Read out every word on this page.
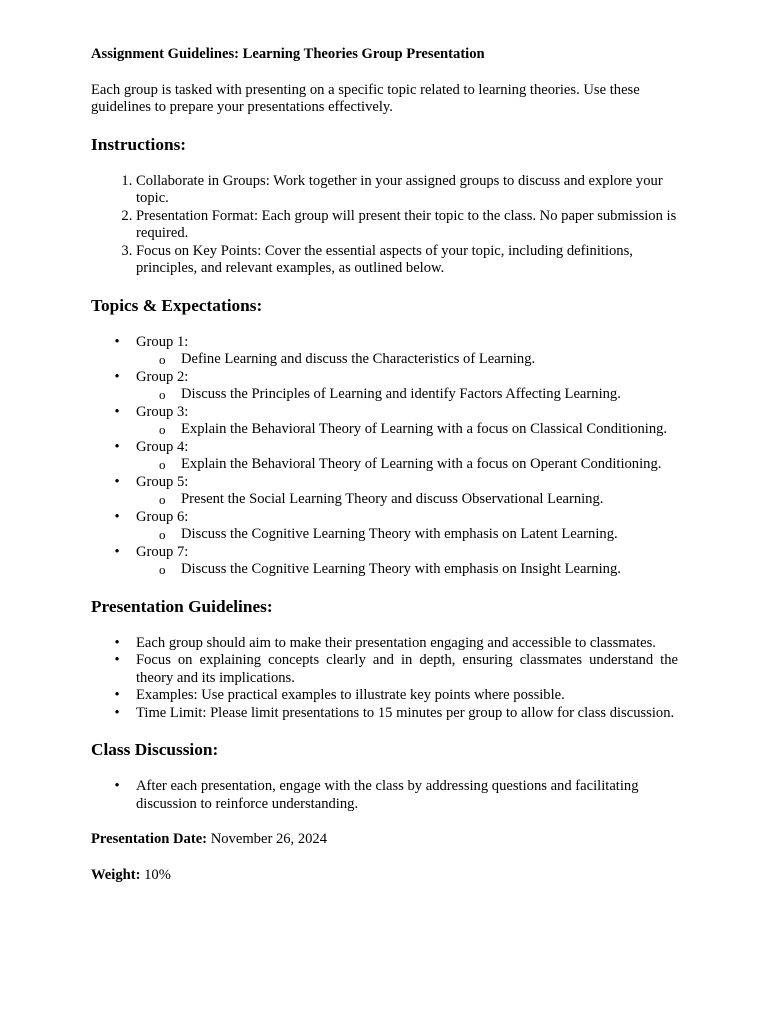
Assignment Guidelines: Learning Theories Group Presentation

Each group is tasked with presenting on a specific topic related to learning theories. Use these guidelines to prepare your presentations effectively.

Instructions:
1. Collaborate in Groups: Work together in your assigned groups to discuss and explore your topic.
2. Presentation Format: Each group will present their topic to the class. No paper submission is required.
3. Focus on Key Points: Cover the essential aspects of your topic, including definitions, principles, and relevant examples, as outlined below.
Topics & Expectations:
• Group 1:
o Define Learning and discuss the Characteristics of Learning.
• Group 2:
o Discuss the Principles of Learning and identify Factors Affecting Learning.
• Group 3:
o Explain the Behavioral Theory of Learning with a focus on Classical Conditioning.
• Group 4:
o Explain the Behavioral Theory of Learning with a focus on Operant Conditioning.
• Group 5:
o Present the Social Learning Theory and discuss Observational Learning.
• Group 6:
o Discuss the Cognitive Learning Theory with emphasis on Latent Learning.
• Group 7:
o Discuss the Cognitive Learning Theory with emphasis on Insight Learning.
Presentation Guidelines:
• Each group should aim to make their presentation engaging and accessible to classmates.
• Focus on explaining concepts clearly and in depth, ensuring classmates understand the theory and its implications.
• Examples: Use practical examples to illustrate key points where possible.
• Time Limit: Please limit presentations to 15 minutes per group to allow for class discussion.
Class Discussion:
• After each presentation, engage with the class by addressing questions and facilitating discussion to reinforce understanding.

Presentation Date: November 26, 2024

Weight: 10%
